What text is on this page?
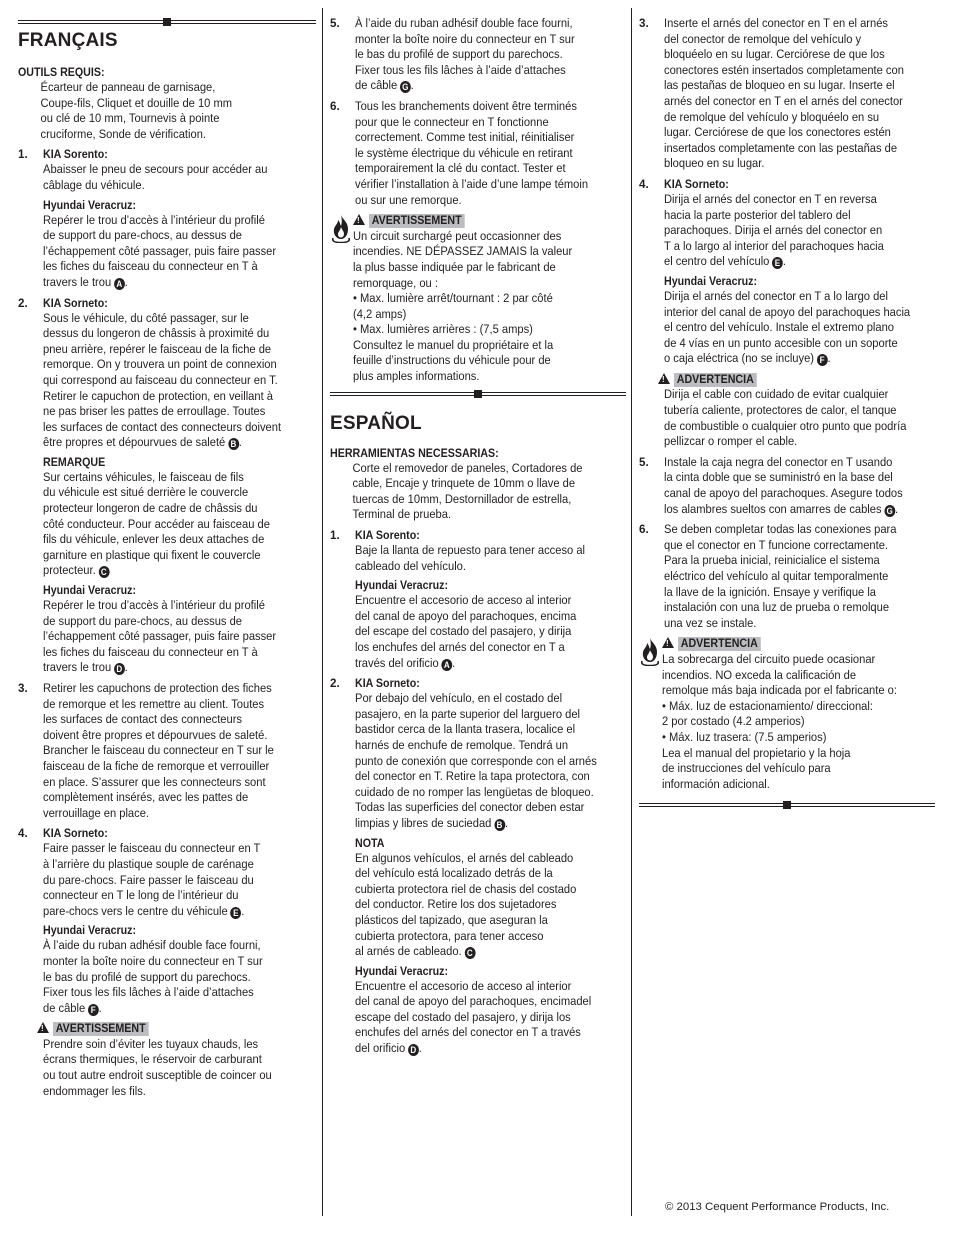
FRANÇAIS
OUTILS REQUIS:
Écarteur de panneau de garnisage,
Coupe-fils, Cliquet et douille de 10 mm
ou clé de 10 mm, Tournevis à pointe
cruciforme, Sonde de vérification.
1. KIA Sorento:
Abaisser le pneu de secours pour accéder au
câblage du véhicule.
Hyundai Veracruz:
Repérer le trou d’accès à l’intérieur du profilé
de support du pare-chocs, au dessus de
l’échappement côté passager, puis faire passer
les fiches du faisceau du connecteur en T à
travers le trou A .
2. KIA Sorneto:
Sous le véhicule, du côté passager, sur le
dessus du longeron de châssis à proximité du
pneu arrière, repérer le faisceau de la fiche de
remorque. On y trouvera un point de connexion
qui correspond au faisceau du connecteur en T.
Retirer le capuchon de protection, en veillant à
ne pas briser les pattes de erroullage. Toutes
les surfaces de contact des connecteurs doivent
être propres et dépourvues de saleté B .
REMARQUE
Sur certains véhicules, le faisceau de fils
du véhicule est situé derrière le couvercle
protecteur longeron de cadre de châssis du
côté conducteur. Pour accéder au faisceau de
fils du véhicule, enlever les deux attaches de
garniture en plastique qui fixent le couvercle
protecteur. C
Hyundai Veracruz:
Repérer le trou d’accès à l’intérieur du profilé
de support du pare-chocs, au dessus de
l’échappement côté passager, puis faire passer
les fiches du faisceau du connecteur en T à
travers le trou D .
3. Retirer les capuchons de protection des fiches
de remorque et les remettre au client. Toutes
les surfaces de contact des connecteurs
doivent être propres et dépourvues de saleté.
Brancher le faisceau du connecteur en T sur le
faisceau de la fiche de remorque et verrouiller
en place. S’assurer que les connecteurs sont
complètement insérés, avec les pattes de
verrouillage en place.
4. KIA Sorneto:
Faire passer le faisceau du connecteur en T
à l’arrière du plastique souple de carénage
du pare-chocs. Faire passer le faisceau du
connecteur en T le long de l’intérieur du
pare-chocs vers le centre du véhicule E .
Hyundai Veracruz:
À l’aide du ruban adhésif double face fourni,
monter la boîte noire du connecteur en T sur
le bas du profilé de support du parechocs.
Fixer tous les fils lâches à l’aide d’attaches
de câble F .
! AVERTISSEMENT
Prendre soin d’éviter les tuyaux chauds, les
écrans thermiques, le réservoir de carburant
ou tout autre endroit susceptible de coincer ou
endommager les fils.
5. À l’aide du ruban adhésif double face fourni,
monter la boîte noire du connecteur en T sur
le bas du profilé de support du parechocs.
Fixer tous les fils lâches à l’aide d’attaches
de câble G .
6. Tous les branchements doivent être terminés
pour que le connecteur en T fonctionne
correctement. Comme test initial, réinitialiser
le système électrique du véhicule en retirant
temporairement la clé du contact. Tester et
vérifier l’installation à l’aide d’une lampe témoin
ou sur une remorque.
! AVERTISSEMENT
Un circuit surchargé peut occasionner des
incendies. NE DÉPASSEZ JAMAIS la valeur
la plus basse indiquée par le fabricant de
remorquage, ou :
• Max. lumière arrêt/tournant : 2 par côté
(4,2 amps)
• Max. lumières arrières : (7,5 amps)
Consultez le manuel du propriétaire et la
feuille d’instructions du véhicule pour de
plus amples informations.
ESPAÑOL
HERRAMIENTAS NECESSARIAS:
Corte el removedor de paneles, Cortadores de
cable, Encaje y trinquete de 10mm o llave de
tuercas de 10mm, Destornillador de estrella,
Terminal de prueba.
1. KIA Sorento:
Baje la llanta de repuesto para tener acceso al
cableado del vehículo.
Hyundai Veracruz:
Encuentre el accesorio de acceso al interior
del canal de apoyo del parachoques, encima
del escape del costado del pasajero, y dirija
los enchufes del arnés del conector en T a
través del orificio A .
2. KIA Sorneto:
Por debajo del vehículo, en el costado del
pasajero, en la parte superior del larguero del
bastidor cerca de la llanta trasera, localice el
harnés de enchufe de remolque. Tendrá un
punto de conexión que corresponde con el arnés
del conector en T. Retire la tapa protectora, con
cuidado de no romper las lengüetas de bloqueo.
Todas las superficies del conector deben estar
limpias y libres de suciedad B .
NOTA
En algunos vehículos, el arnés del cableado
del vehículo está localizado detrás de la
cubierta protectora riel de chasis del costado
del conductor. Retire los dos sujetadores
plásticos del tapizado, que aseguran la
cubierta protectora, para tener acceso
al arnés de cableado. C
Hyundai Veracruz:
Encuentre el accesorio de acceso al interior
del canal de apoyo del parachoques, encimadel
escape del costado del pasajero, y dirija los
enchufes del arnés del conector en T a través
del orificio D .
3. Inserte el arnés del conector en T en el arnés
del conector de remolque del vehículo y
bloquéelo en su lugar. Cerciórese de que los
conectores estén insertados completamente con
las pestañas de bloqueo en su lugar. Inserte el
arnés del conector en T en el arnés del conector
de remolque del vehículo y bloquéelo en su
lugar. Cerciórese de que los conectores estén
insertados completamente con las pestañas de
bloqueo en su lugar.
4. KIA Sorneto:
Dirija el arnés del conector en T en reversa
hacia la parte posterior del tablero del
parachoques. Dirija el arnés del conector en
T a lo largo al interior del parachoques hacia
el centro del vehículo E .
Hyundai Veracruz:
Dirija el arnés del conector en T a lo largo del
interior del canal de apoyo del parachoques hacia
el centro del vehículo. Instale el extremo plano
de 4 vías en un punto accesible con un soporte
o caja eléctrica (no se incluye) F .
! ADVERTENCIA
Dirija el cable con cuidado de evitar cualquier
tubería caliente, protectores de calor, el tanque
de combustible o cualquier otro punto que podría
pellizcar o romper el cable.
5. Instale la caja negra del conector en T usando
la cinta doble que se suministró en la base del
canal de apoyo del parachoques. Asegure todos
los alambres sueltos con amarres de cables G .
6. Se deben completar todas las conexiones para
que el conector en T funcione correctamente.
Para la prueba inicial, reinicialice el sistema
eléctrico del vehículo al quitar temporalmente
la llave de la ignición. Ensaye y verifique la
instalación con una luz de prueba o remolque
una vez se instale.
! ADVERTENCIA
La sobrecarga del circuito puede ocasionar
incendios. NO exceda la calificación de
remolque más baja indicada por el fabricante o:
• Máx. luz de estacionamiento/ direccional:
2 por costado (4.2 amperios)
• Máx. luz trasera: (7.5 amperios)
Lea el manual del propietario y la hoja
de instrucciones del vehículo para
información adicional.
© 2013 Cequent Performance Products, Inc.
